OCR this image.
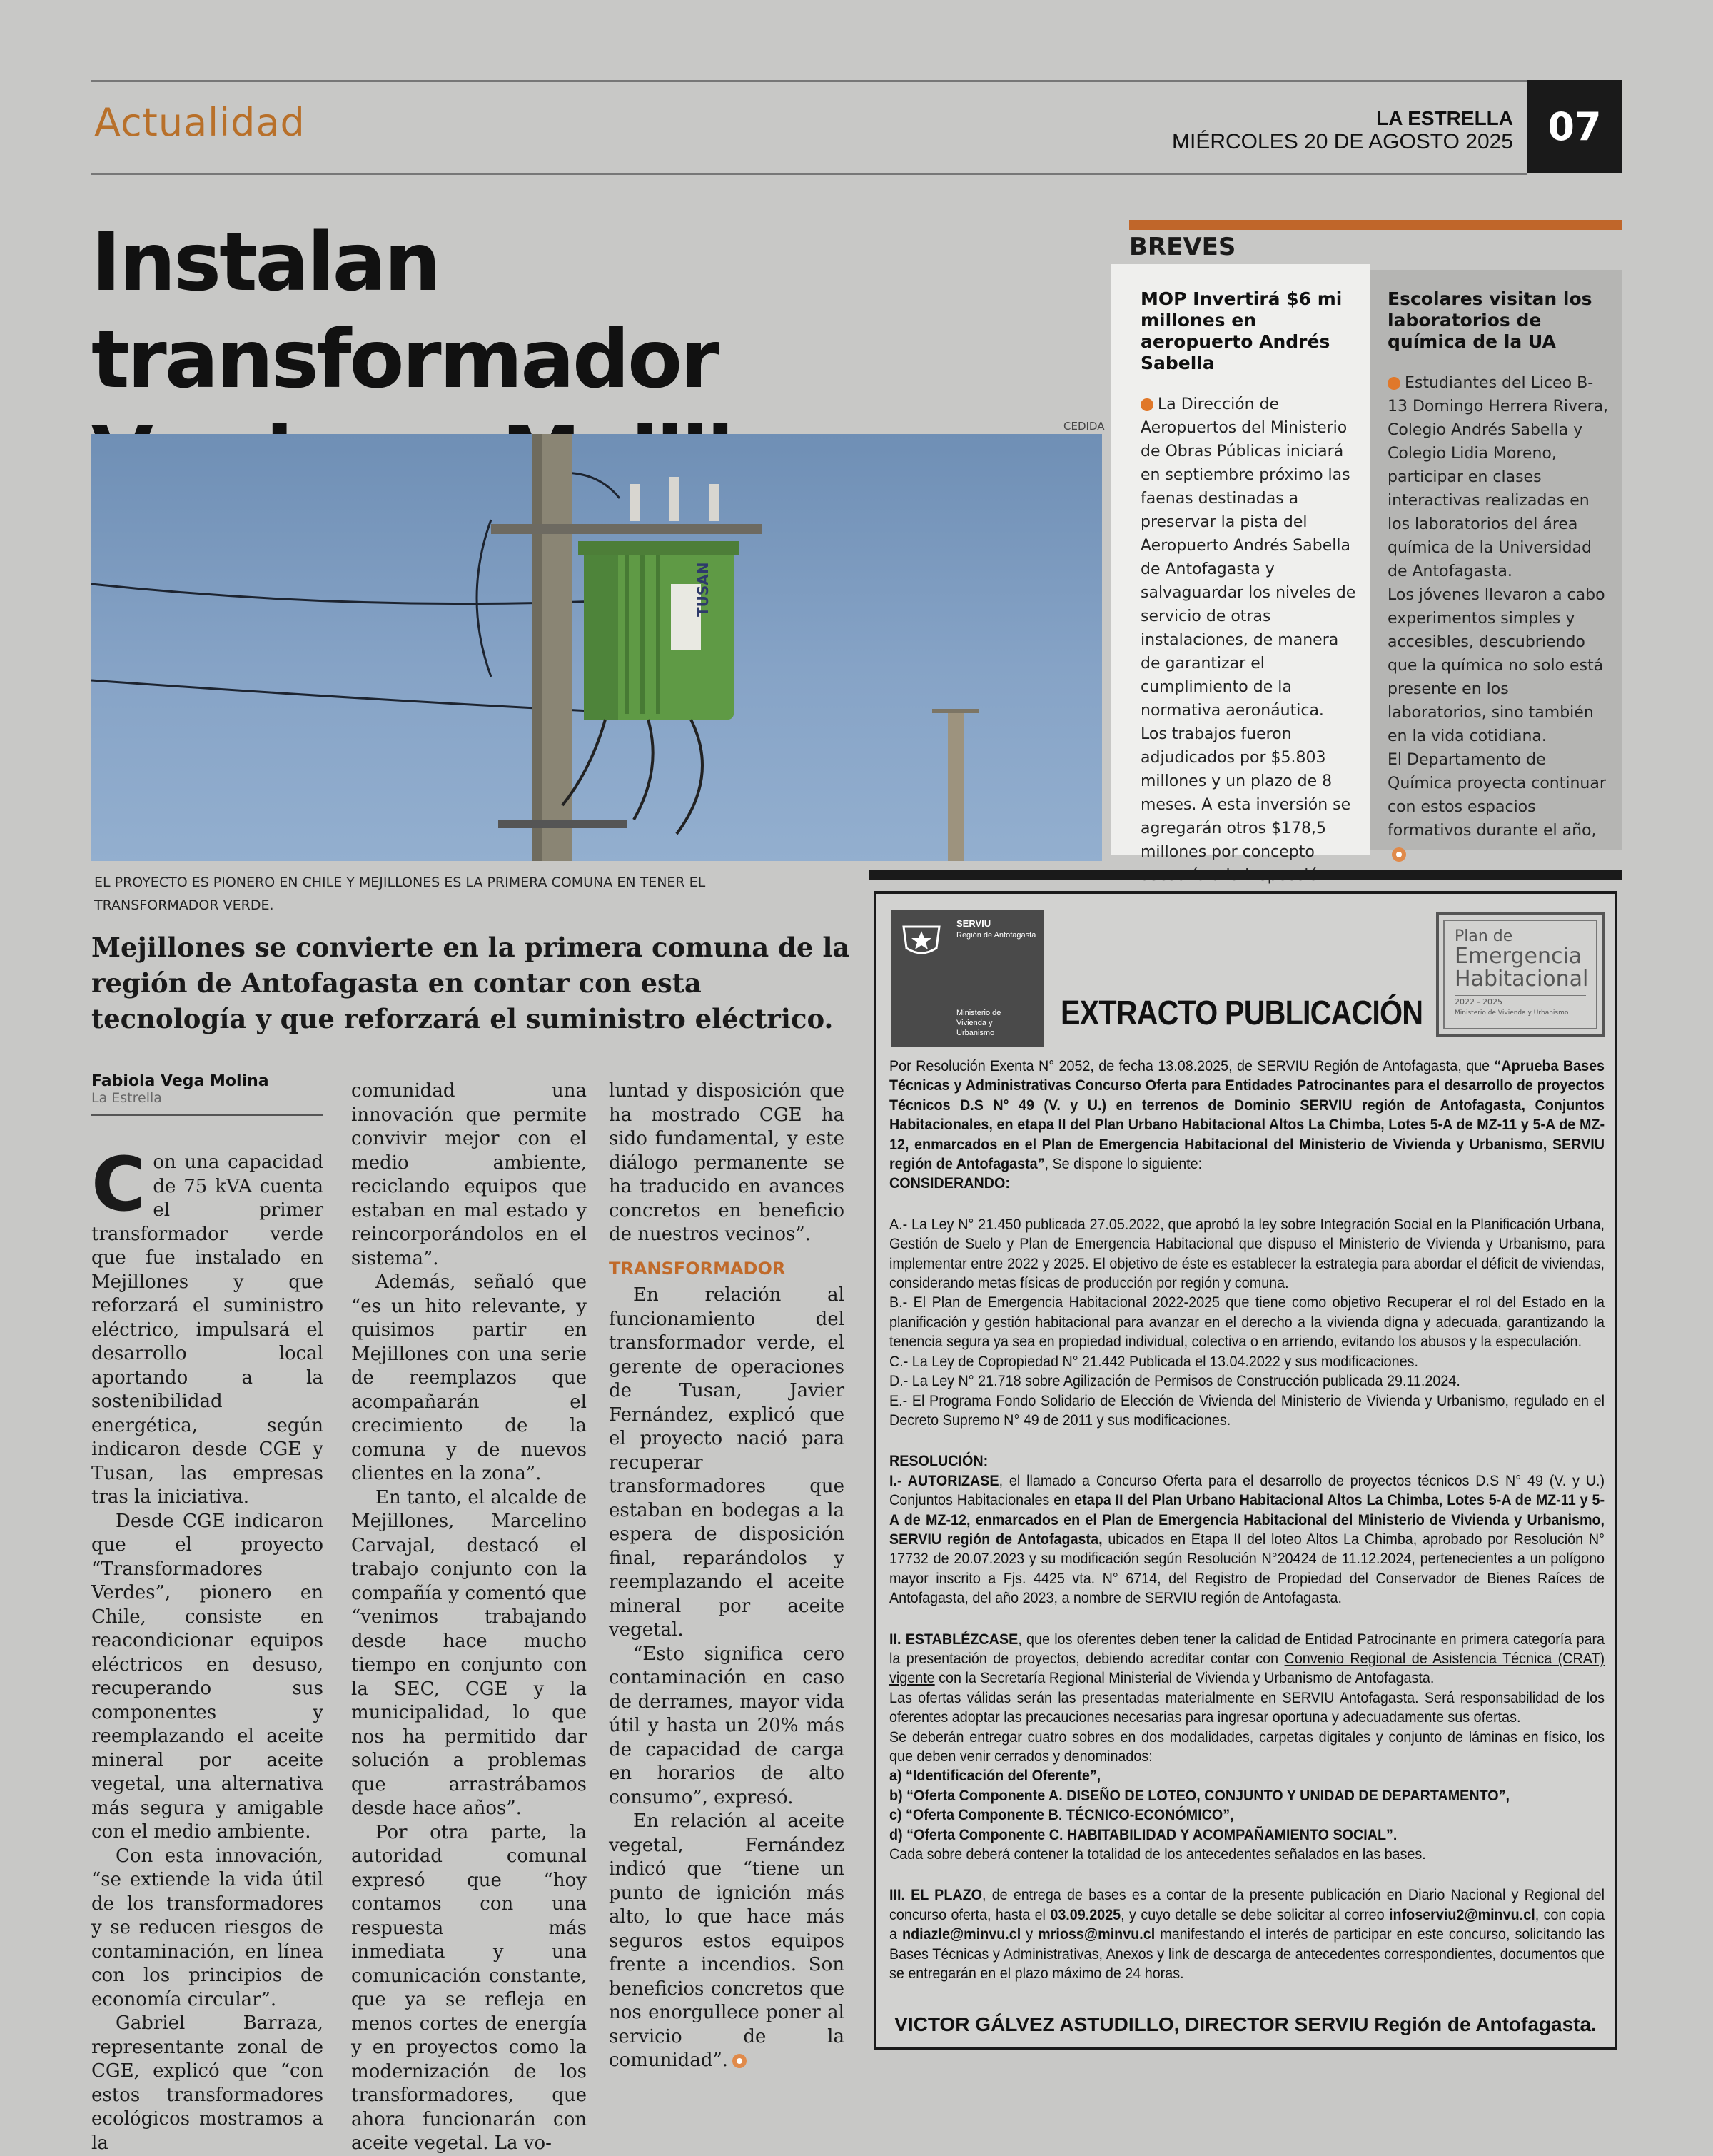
Actualidad	LA ESTRELLA
MIÉRCOLES 20 DE AGOSTO 2025 07
Instalan transformador

CEDIDA
TUSAN
EL PROYECTO ES PIONERO EN CHILE Y MEJILLONES ES LA PRIMERA COMUNA EN TENER EL
TRANSFORMADOR VERDE.
Mejillones se convierte en la primera comuna de la región de Antofagasta en contar con esta tecnología y que reforzará el suministro eléctrico.
Fabiola Vega Molina
La Estrella

Con una capacidad de 75 kVA cuenta el primer transformador verde que fue instalado en Mejillones y que reforzará el suministro eléctrico, impulsará el desarrollo local aportando a la sostenibilidad energética, según indicaron desde CGE y Tusan, las empresas tras la iniciativa.

Desde CGE indicaron que el proyecto “Transformadores Verdes”, pionero en Chile, consiste en reacondicionar equipos eléctricos en desuso, recuperando sus componentes y reemplazando el aceite mineral por aceite vegetal, una alternativa más segura y amigable con el medio ambiente.

Con esta innovación, “se extiende la vida útil de los transformadores y se reducen riesgos de contaminación, en línea con los principios de economía circular”.

Gabriel Barraza, representante zonal de CGE, explicó que “con estos transformadores ecológicos mostramos a la

comunidad una innovación que permite convivir mejor con el medio ambiente, reciclando equipos que estaban en mal estado y reincorporándolos en el sistema”.

Además, señaló que “es un hito relevante, y quisimos partir en Mejillones con una serie de reemplazos que acompañarán el crecimiento de la comuna y de nuevos clientes en la zona”.

En tanto, el alcalde de Mejillones, Marcelino Carvajal, destacó el trabajo conjunto con la compañía y comentó que “venimos trabajando desde hace mucho tiempo en conjunto con la SEC, CGE y la municipalidad, lo que nos ha permitido dar solución a problemas que arrastrábamos desde hace años”.

Por otra parte, la autoridad comunal expresó que “hoy contamos con una respuesta más inmediata y una comunicación constante, que ya se refleja en menos cortes de energía y en proyectos como la modernización de los transformadores, que ahora funcionarán con aceite vegetal. La vo-

luntad y disposición que ha mostrado CGE ha sido fundamental, y este diálogo permanente se ha traducido en avances concretos en beneficio de nuestros vecinos”.

TRANSFORMADOR

En relación al funcionamiento del transformador verde, el gerente de operaciones de Tusan, Javier Fernández, explicó que el proyecto nació para recuperar transformadores que estaban en bodegas a la espera de disposición final, reparándolos y reemplazando el aceite mineral por aceite vegetal.

“Esto significa cero contaminación en caso de derrames, mayor vida útil y hasta un 20% más de capacidad de carga en horarios de alto consumo”, expresó.

En relación al aceite vegetal, Fernández indicó que “tiene un punto de ignición más alto, lo que hace más seguros estos equipos frente a incendios. Son beneficios concretos que nos enorgullece poner al servicio de la comunidad”.

BREVES
MOP Invertirá $6 mi millones en aeropuerto Andrés Sabella

La Dirección de Aeropuertos del Ministerio de Obras Públicas iniciará en septiembre próximo las faenas destinadas a preservar la pista del Aeropuerto Andrés Sabella de Antofagasta y salvaguardar los niveles de servicio de otras instalaciones, de manera de garantizar el cumplimiento de la normativa aeronáutica.

Los trabajos fueron adjudicados por $5.803 millones y un plazo de 8 meses. A esta inversión se agregarán otros $178,5 millones por concepto

Escolares visitan los laboratorios de química de la UA

Estudiantes del Liceo B-13 Domingo Herrera Rivera, Colegio Andrés Sabella y Colegio Lidia Moreno, participar en clases interactivas realizadas en los laboratorios del área química de la Universidad de Antofagasta.

Los jóvenes llevaron a cabo experimentos simples y accesibles, descubriendo que la química no solo está presente en los laboratorios, sino también en la vida cotidiana.

El Departamento de Química proyecta continuar con estos espacios formativos durante el año,

SERVIU
Región de Antofagasta
Ministerio de
Vivienda y
Urbanismo
EXTRACTO PUBLICACIÓN
Plan de
Emergencia
Habitacional
2022 - 2025
Ministerio de Vivienda y Urbanismo

Por Resolución Exenta N° 2052, de fecha 13.08.2025, de SERVIU Región de Antofagasta, que “Aprueba Bases Técnicas y Administrativas Concurso Oferta para Entidades Patrocinantes para el desarrollo de proyectos Técnicos D.S N° 49 (V. y U.) en terrenos de Dominio SERVIU región de Antofagasta, Conjuntos Habitacionales, en etapa II del Plan Urbano Habitacional Altos La Chimba, Lotes 5-A de MZ-11 y 5-A de MZ-12, enmarcados en el Plan de Emergencia Habitacional del Ministerio de Vivienda y Urbanismo, SERVIU región de Antofagasta”, Se dispone lo siguiente:

CONSIDERANDO:

A.- La Ley N° 21.450 publicada 27.05.2022, que aprobó la ley sobre Integración Social en la Planificación Urbana, Gestión de Suelo y Plan de Emergencia Habitacional que dispuso el Ministerio de Vivienda y Urbanismo, para implementar entre 2022 y 2025. El objetivo de éste es establecer la estrategia para abordar el déficit de viviendas, considerando metas físicas de producción por región y comuna.

B.- El Plan de Emergencia Habitacional 2022-2025 que tiene como objetivo Recuperar el rol del Estado en la planificación y gestión habitacional para avanzar en el derecho a la vivienda digna y adecuada, garantizando la tenencia segura ya sea en propiedad individual, colectiva o en arriendo, evitando los abusos y la especulación.

C.- La Ley de Copropiedad N° 21.442 Publicada el 13.04.2022 y sus modificaciones.

D.- La Ley N° 21.718 sobre Agilización de Permisos de Construcción publicada 29.11.2024.

E.- El Programa Fondo Solidario de Elección de Vivienda del Ministerio de Vivienda y Urbanismo, regulado en el Decreto Supremo N° 49 de 2011 y sus modificaciones.

RESOLUCIÓN:

I.- AUTORIZASE, el llamado a Concurso Oferta para el desarrollo de proyectos técnicos D.S N° 49 (V. y U.) Conjuntos Habitacionales en etapa II del Plan Urbano Habitacional Altos La Chimba, Lotes 5-A de MZ-11 y 5-A de MZ-12, enmarcados en el Plan de Emergencia Habitacional del Ministerio de Vivienda y Urbanismo, SERVIU región de Antofagasta, ubicados en Etapa II del loteo Altos La Chimba, aprobado por Resolución N° 17732 de 20.07.2023 y su modificación según Resolución N°20424 de 11.12.2024, pertenecientes a un polígono mayor inscrito a Fjs. 4425 vta. N° 6714, del Registro de Propiedad del Conservador de Bienes Raíces de Antofagasta, del año 2023, a nombre de SERVIU región de Antofagasta.

II. ESTABLÉZCASE, que los oferentes deben tener la calidad de Entidad Patrocinante en primera categoría para la presentación de proyectos, debiendo acreditar contar con Convenio Regional de Asistencia Técnica (CRAT) vigente con la Secretaría Regional Ministerial de Vivienda y Urbanismo de Antofagasta.

Las ofertas válidas serán las presentadas materialmente en SERVIU Antofagasta. Será responsabilidad de los oferentes adoptar las precauciones necesarias para ingresar oportuna y adecuadamente sus ofertas.

Se deberán entregar cuatro sobres en dos modalidades, carpetas digitales y conjunto de láminas en físico, los que deben venir cerrados y denominados:

a) “Identificación del Oferente”,

b) “Oferta Componente A. DISEÑO DE LOTEO, CONJUNTO Y UNIDAD DE DEPARTAMENTO”,

c) “Oferta Componente B. TÉCNICO-ECONÓMICO”,

d) “Oferta Componente C. HABITABILIDAD Y ACOMPAÑAMIENTO SOCIAL”.

Cada sobre deberá contener la totalidad de los antecedentes señalados en las bases.

III. EL PLAZO, de entrega de bases es a contar de la presente publicación en Diario Nacional y Regional del concurso oferta, hasta el 03.09.2025, y cuyo detalle se debe solicitar al correo infoserviu2@minvu.cl, con copia a ndiazle@minvu.cl y mrioss@minvu.cl manifestando el interés de participar en este concurso, solicitando las Bases Técnicas y Administrativas, Anexos y link de descarga de antecedentes correspondientes, documentos que se entregarán en el plazo máximo de 24 horas.

VICTOR GÁLVEZ ASTUDILLO, DIRECTOR SERVIU Región de Antofagasta.
